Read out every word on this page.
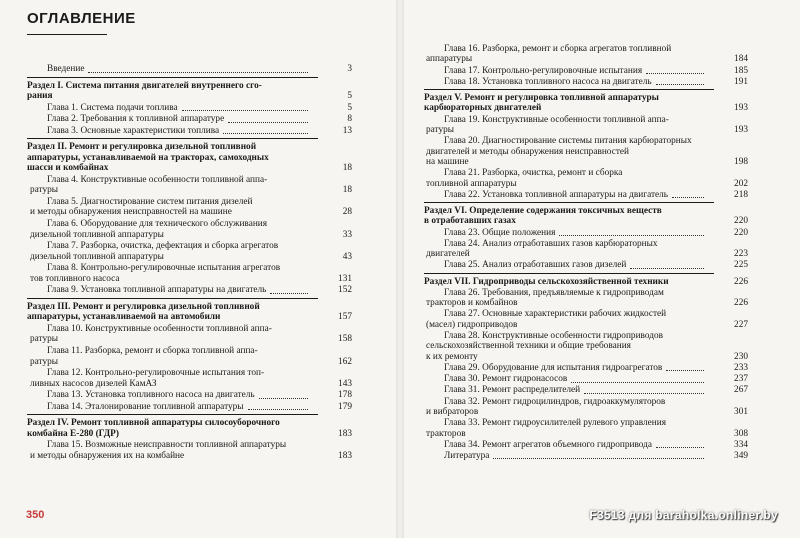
ОГЛАВЛЕНИЕ
Введение	3
Раздел I. Система питания двигателей внутреннего сго-
рания	5
Глава 1. Система подачи топлива	5
Глава 2. Требования к топливной аппаратуре	8
Глава 3. Основные характеристики топлива	13
Раздел II. Ремонт и регулировка дизельной топливной
аппаратуры, устанавливаемой на тракторах, самоходных
шасси и комбайнах	18
Глава 4. Конструктивные особенности топливной аппа-
ратуры	18
Глава 5. Диагностирование систем питания дизелей
и методы обнаружения неисправностей на машине	28
Глава 6. Оборудование для технического обслуживания
дизельной топливной аппаратуры	33
Глава 7. Разборка, очистка, дефектация и сборка агрегатов
дизельной топливной аппаратуры	43
Глава 8. Контрольно-регулировочные испытания агрегатов
тов топливного насоса	131
Глава 9. Установка топливной аппаратуры на двигатель	152
Раздел III. Ремонт и регулировка дизельной топливной
аппаратуры, устанавливаемой на автомобили	157
Глава 10. Конструктивные особенности топливной аппа-
ратуры	158
Глава 11. Разборка, ремонт и сборка топливной аппа-
ратуры	162
Глава 12. Контрольно-регулировочные испытания топ-
ливных насосов дизелей КамАЗ	143
Глава 13. Установка топливного насоса на двигатель	178
Глава 14. Эталонирование топливной аппаратуры	179
Раздел IV. Ремонт топливной аппаратуры силосоуборочного
комбайна Е-280 (ГДР)	183
Глава 15. Возможные неисправности топливной аппаратуры
и методы обнаружения их на комбайне	183
350
Глава 16. Разборка, ремонт и сборка агрегатов топливной
аппаратуры	184
Глава 17. Контрольно-регулировочные испытания	185
Глава 18. Установка топливного насоса на двигатель	191
Раздел V. Ремонт и регулировка топливной аппаратуры
карбюраторных двигателей	193
Глава 19. Конструктивные особенности топливной аппа-
ратуры	193
Глава 20. Диагностирование системы питания карбюраторных
двигателей и методы обнаружения неисправностей
на машине	198
Глава 21. Разборка, очистка, ремонт и сборка
топливной аппаратуры	202
Глава 22. Установка топливной аппаратуры на двигатель	218
Раздел VI. Определение содержания токсичных веществ
в отработавших газах	220
Глава 23. Общие положения	220
Глава 24. Анализ отработавших газов карбюраторных
двигателей	223
Глава 25. Анализ отработавших газов дизелей	225
Раздел VII. Гидроприводы сельскохозяйственной техники	226
Глава 26. Требования, предъявляемые к гидроприводам
тракторов и комбайнов	226
Глава 27. Основные характеристики рабочих жидкостей
(масел) гидроприводов	227
Глава 28. Конструктивные особенности гидроприводов
сельскохозяйственной техники и общие требования
к их ремонту	230
Глава 29. Оборудование для испытания гидроагрегатов	233
Глава 30. Ремонт гидронасосов	237
Глава 31. Ремонт распределителей	267
Глава 32. Ремонт гидроцилиндров, гидроаккумуляторов
и вибраторов	301
Глава 33. Ремонт гидроусилителей рулевого управления
тракторов	308
Глава 34. Ремонт агрегатов объемного гидропривода	334
Литература	349
F3513 для baraholka.onliner.by
